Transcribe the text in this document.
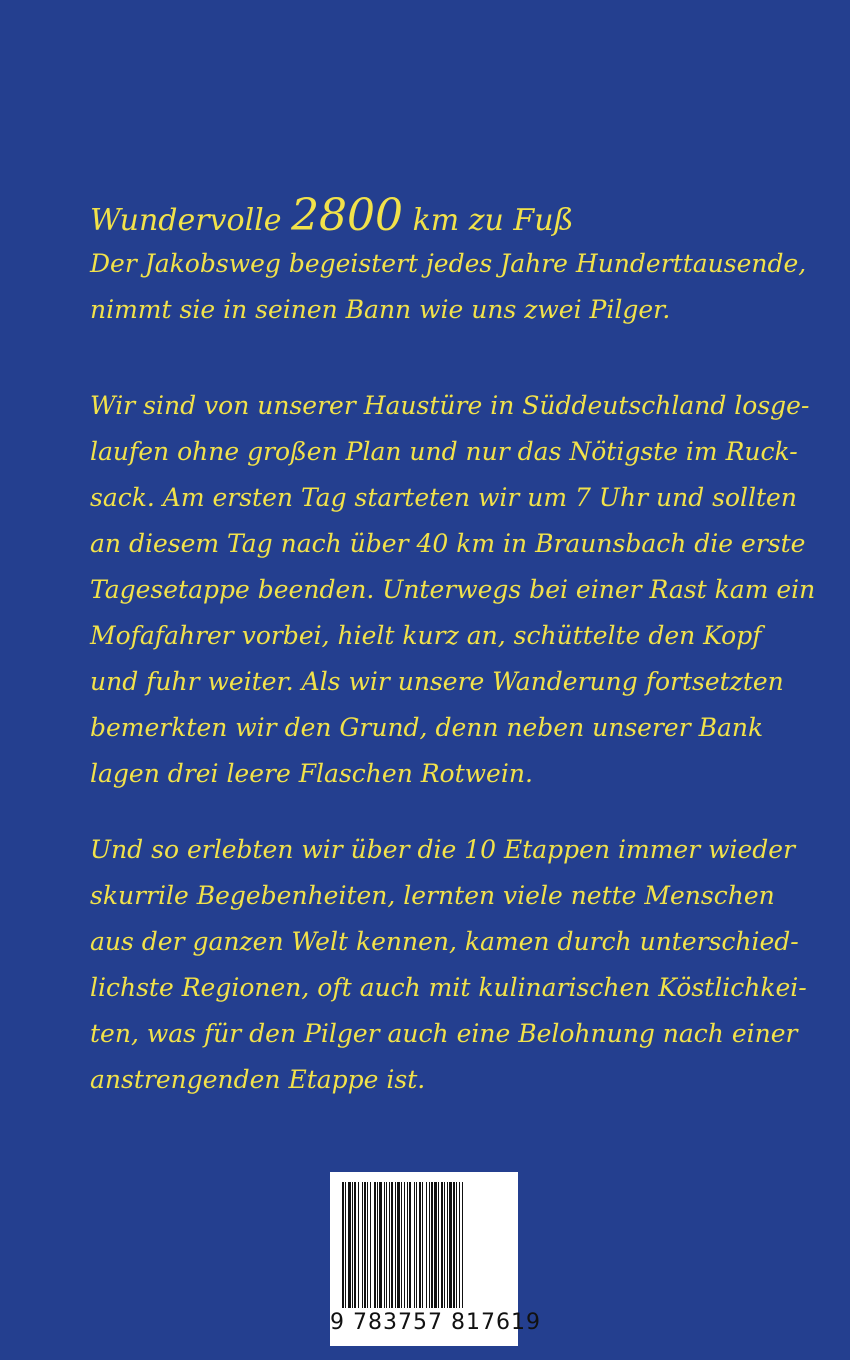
Wundervolle 2800 km zu Fuß

Der Jakobsweg begeistert jedes Jahre Hunderttausende,
nimmt sie in seinen Bann wie uns zwei Pilger.

Wir sind von unserer Haustüre in Süddeutschland losge-
laufen ohne großen Plan und nur das Nötigste im Ruck-
sack. Am ersten Tag starteten wir um 7 Uhr und sollten
an diesem Tag nach über 40 km in Braunsbach die erste
Tagesetappe beenden. Unterwegs bei einer Rast kam ein
Mofafahrer vorbei, hielt kurz an, schüttelte den Kopf
und fuhr weiter. Als wir unsere Wanderung fortsetzten
bemerkten wir den Grund, denn neben unserer Bank
lagen drei leere Flaschen Rotwein.

Und so erlebten wir über die 10 Etappen immer wieder
skurrile Begebenheiten, lernten viele nette Menschen
aus der ganzen Welt kennen, kamen durch unterschied-
lichste Regionen, oft auch mit kulinarischen Köstlichkei-
ten, was für den Pilger auch eine Belohnung nach einer
anstrengenden Etappe ist.

9 783757 817619
